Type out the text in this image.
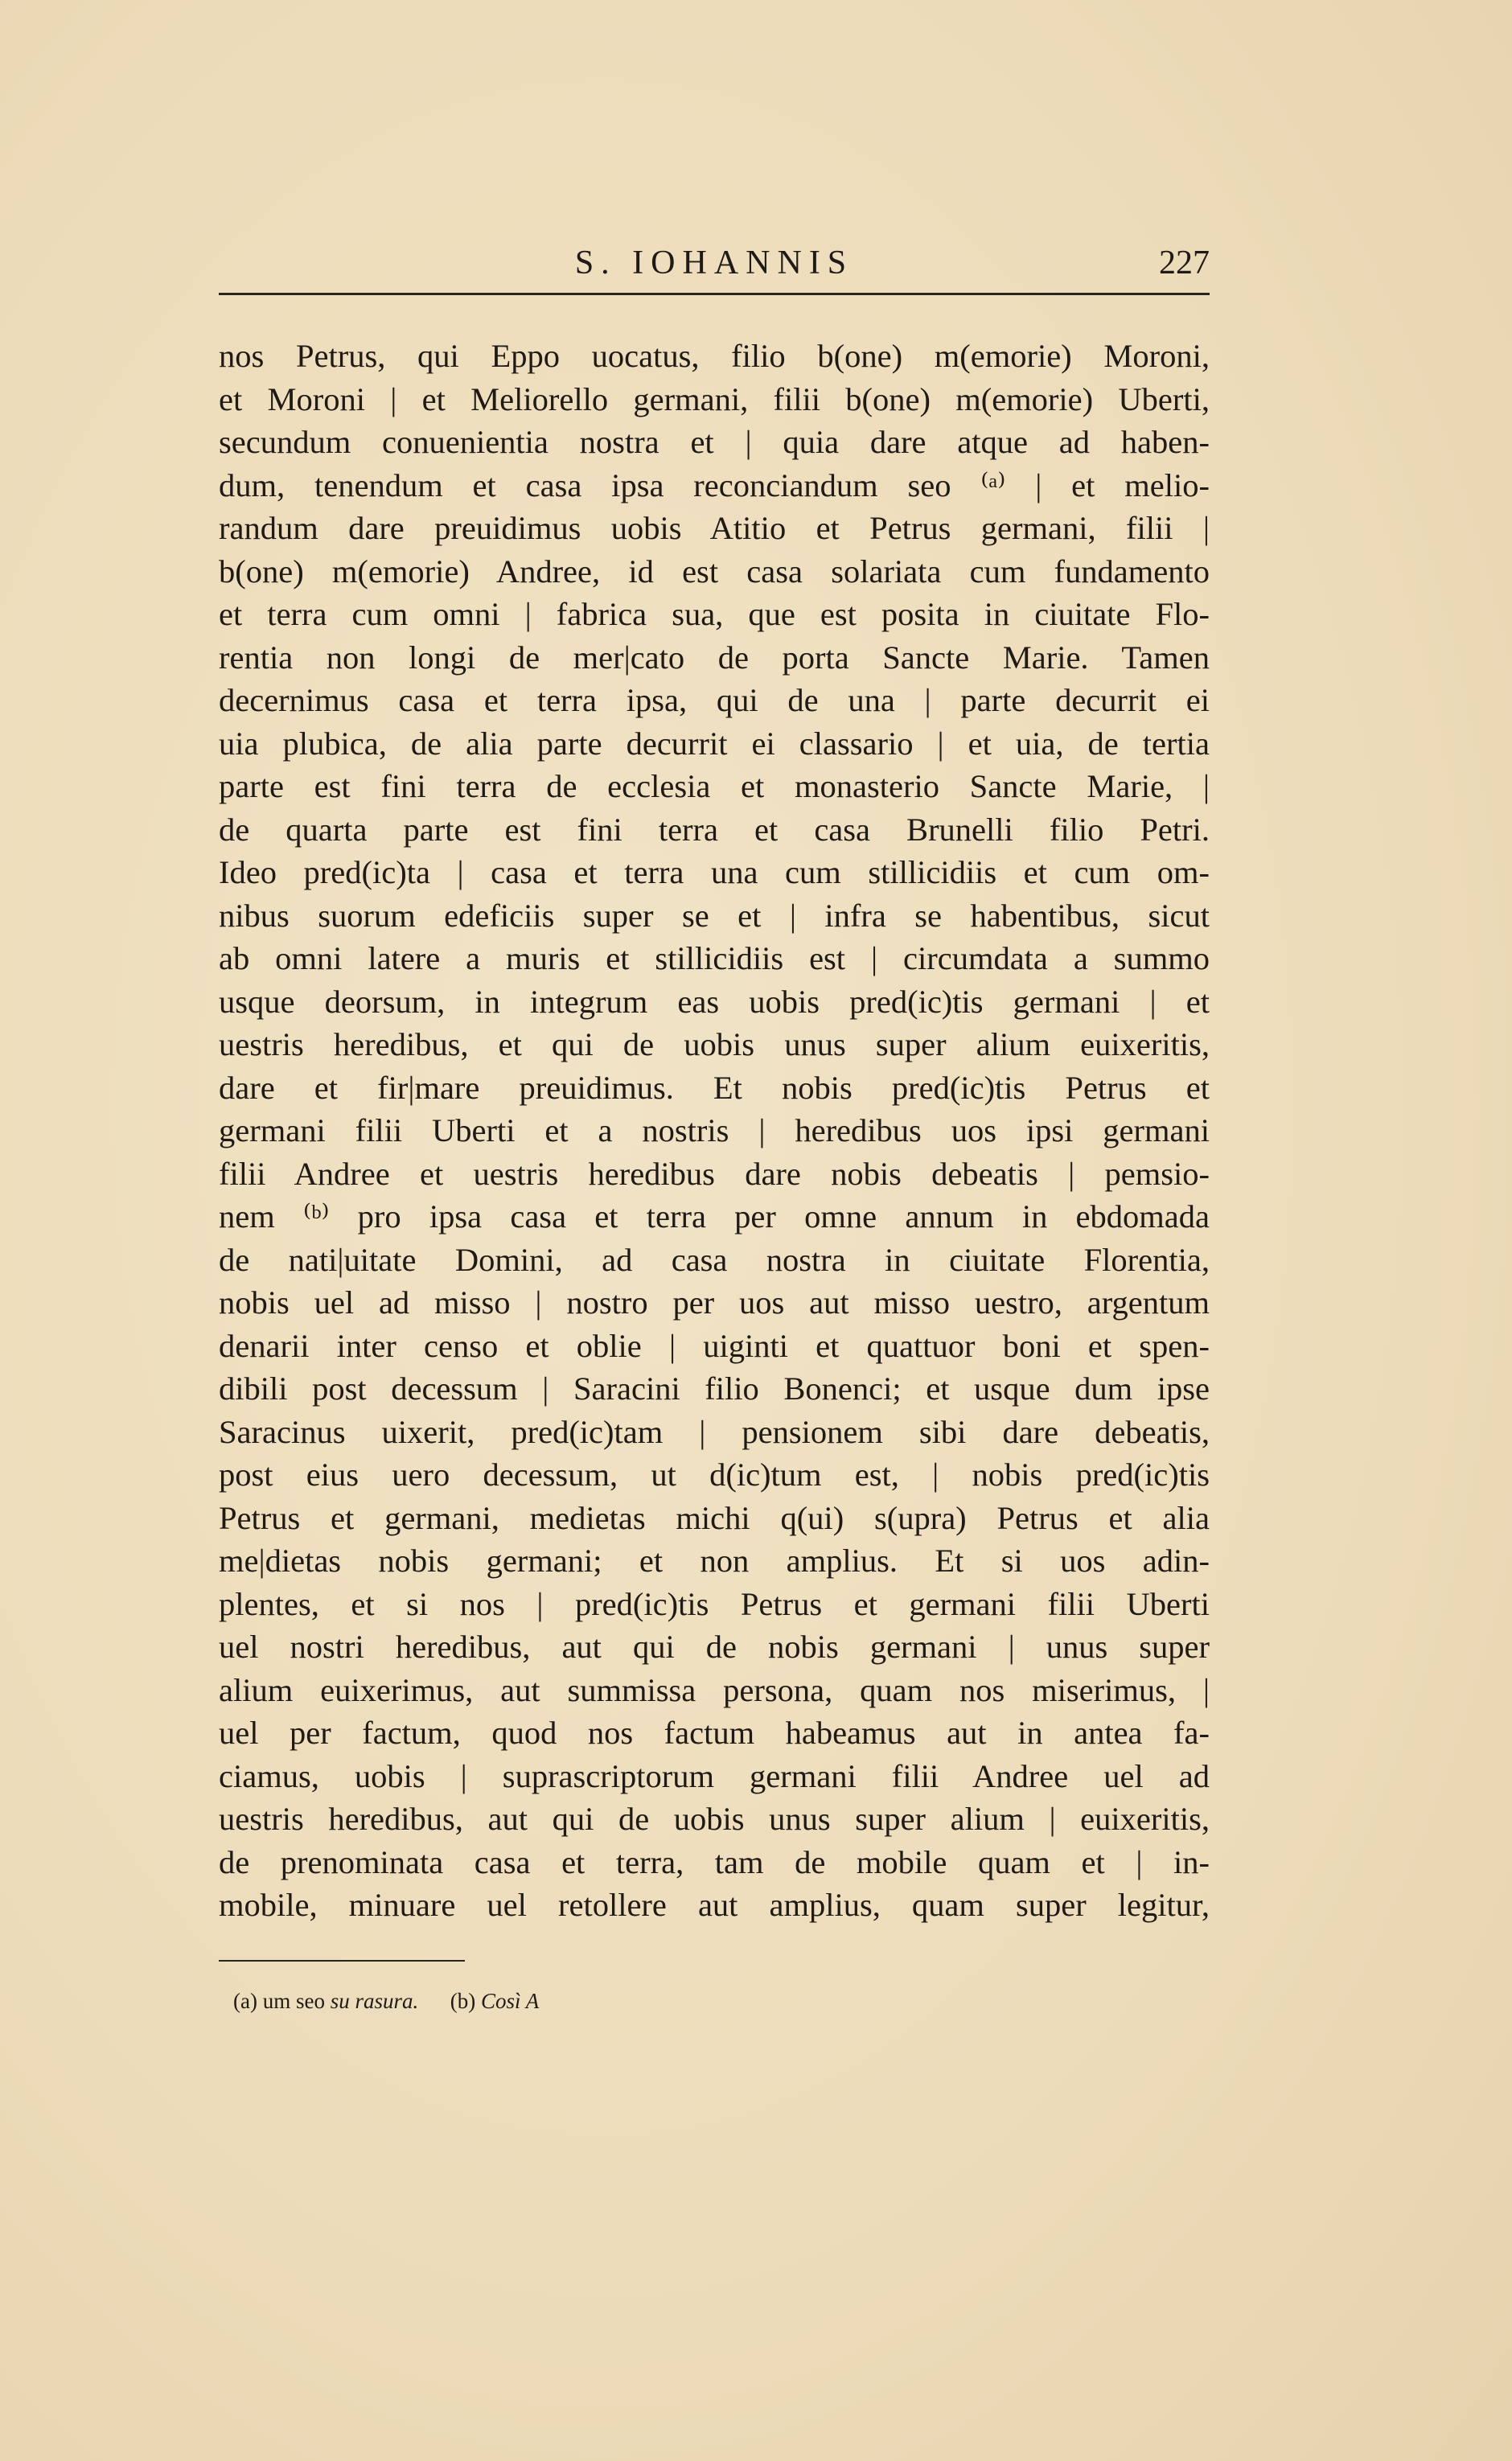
S. IOHANNIS	227
nos Petrus, qui Eppo uocatus, filio b(one) m(emorie) Moroni,
et Moroni | et Meliorello germani, filii b(one) m(emorie) Uberti,
secundum conuenientia nostra et | quia dare atque ad haben-
dum, tenendum et casa ipsa reconciandum seo ⁽ᵃ⁾ | et melio-
randum dare preuidimus uobis Atitio et Petrus germani, filii |
b(one) m(emorie) Andree, id est casa solariata cum fundamento
et terra cum omni | fabrica sua, que est posita in ciuitate Flo-
rentia non longi de mer|cato de porta Sancte Marie. Tamen
decernimus casa et terra ipsa, qui de una | parte decurrit ei
uia plubica, de alia parte decurrit ei classario | et uia, de tertia
parte est fini terra de ecclesia et monasterio Sancte Marie, |
de quarta parte est fini terra et casa Brunelli filio Petri.
Ideo pred(ic)ta | casa et terra una cum stillicidiis et cum om-
nibus suorum edeficiis super se et | infra se habentibus, sicut
ab omni latere a muris et stillicidiis est | circumdata a summo
usque deorsum, in integrum eas uobis pred(ic)tis germani | et
uestris heredibus, et qui de uobis unus super alium euixeritis,
dare et fir|mare preuidimus. Et nobis pred(ic)tis Petrus et
germani filii Uberti et a nostris | heredibus uos ipsi germani
filii Andree et uestris heredibus dare nobis debeatis | pemsio-
nem ⁽ᵇ⁾ pro ipsa casa et terra per omne annum in ebdomada
de nati|uitate Domini, ad casa nostra in ciuitate Florentia,
nobis uel ad misso | nostro per uos aut misso uestro, argentum
denarii inter censo et oblie | uiginti et quattuor boni et spen-
dibili post decessum | Saracini filio Bonenci; et usque dum ipse
Saracinus uixerit, pred(ic)tam | pensionem sibi dare debeatis,
post eius uero decessum, ut d(ic)tum est, | nobis pred(ic)tis
Petrus et germani, medietas michi q(ui) s(upra) Petrus et alia
me|dietas nobis germani; et non amplius. Et si uos adin-
plentes, et si nos | pred(ic)tis Petrus et germani filii Uberti
uel nostri heredibus, aut qui de nobis germani | unus super
alium euixerimus, aut summissa persona, quam nos miserimus, |
uel per factum, quod nos factum habeamus aut in antea fa-
ciamus, uobis | suprascriptorum germani filii Andree uel ad
uestris heredibus, aut qui de uobis unus super alium | euixeritis,
de prenominata casa et terra, tam de mobile quam et | in-
mobile, minuare uel retollere aut amplius, quam super legitur,
(a) um seo su rasura. (b) Così A
